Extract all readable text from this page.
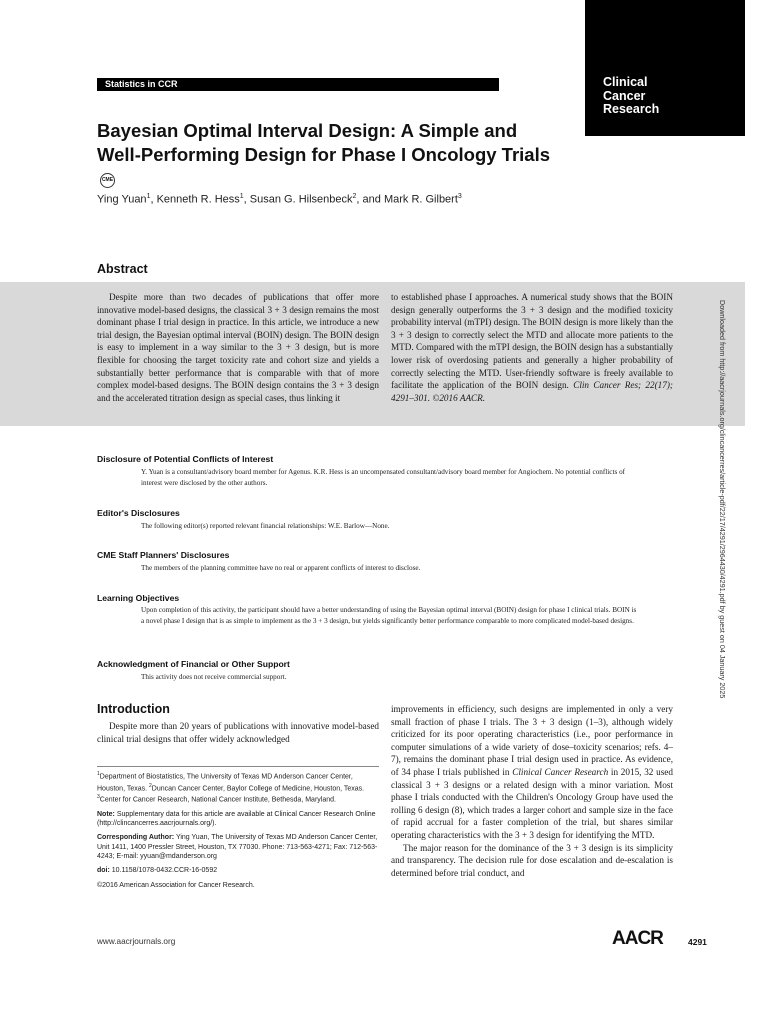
Statistics in CCR	Clinical
Cancer
Research
Bayesian Optimal Interval Design: A Simple and Well-Performing Design for Phase I Oncology TrialsCME
Ying Yuan$^1$, Kenneth R. Hess$^1$, Susan G. Hilsenbeck$^2$, and Mark R. Gilbert$^3$
Abstract
Despite more than two decades of publications that offer more innovative model-based designs, the classical 3 + 3 design remains the most dominant phase I trial design in practice. In this article, we introduce a new trial design, the Bayesian optimal interval (BOIN) design. The BOIN design is easy to implement in a way similar to the 3 + 3 design, but is more flexible for choosing the target toxicity rate and cohort size and yields a substantially better performance that is comparable with that of more complex model-based designs. The BOIN design contains the 3 + 3 design and the accelerated titration design as special cases, thus linking it
to established phase I approaches. A numerical study shows that the BOIN design generally outperforms the 3 + 3 design and the modified toxicity probability interval (mTPI) design. The BOIN design is more likely than the 3 + 3 design to correctly select the MTD and allocate more patients to the MTD. Compared with the mTPI design, the BOIN design has a substantially lower risk of overdosing patients and generally a higher probability of correctly selecting the MTD. User-friendly software is freely available to facilitate the application of the BOIN design. Clin Cancer Res; 22(17); 4291–301. ©2016 AACR.	Downloaded from http://aacrjournals.org/clincancerres/article-pdf/22/17/4291/2964430/4291.pdf by guest on 04 January 2025
Disclosure of Potential Conflicts of Interest
Y. Yuan is a consultant/advisory board member for Agenus. K.R. Hess is an uncompensated consultant/advisory board member for Angiochem. No potential conflicts of interest were disclosed by the other authors.
Editor's Disclosures
The following editor(s) reported relevant financial relationships: W.E. Barlow—None.
CME Staff Planners' Disclosures
The members of the planning committee have no real or apparent conflicts of interest to disclose.
Learning Objectives
Upon completion of this activity, the participant should have a better understanding of using the Bayesian optimal interval (BOIN) design for phase I clinical trials. BOIN is a novel phase I design that is as simple to implement as the 3 + 3 design, but yields significantly better performance comparable to more complicated model-based designs.
Acknowledgment of Financial or Other Support
This activity does not receive commercial support.
Introduction
Despite more than 20 years of publications with innovative model-based clinical trial designs that offer widely acknowledged

improvements in efficiency, such designs are implemented in only a very small fraction of phase I trials. The 3 + 3 design (1–3), although widely criticized for its poor operating characteristics (i.e., poor performance in computer simulations of a wide variety of dose–toxicity scenarios; refs. 4–7), remains the dominant phase I trial design used in practice. As evidence, of 34 phase I trials published in Clinical Cancer Research in 2015, 32 used classical 3 + 3 designs or a related design with a minor variation. Most phase I trials conducted with the Children's Oncology Group have used the rolling 6 design (8), which trades a larger cohort and sample size in the face of rapid accrual for a faster completion of the trial, but shares similar operating characteristics with the 3 + 3 design for identifying the MTD.

The major reason for the dominance of the 3 + 3 design is its simplicity and transparency. The decision rule for dose escalation and de-escalation is determined before trial conduct, and

$^1$Department of Biostatistics, The University of Texas MD Anderson Cancer Center, Houston, Texas. $^2$Duncan Cancer Center, Baylor College of Medicine, Houston, Texas. $^3$Center for Cancer Research, National Cancer Institute, Bethesda, Maryland.

Note: Supplementary data for this article are available at Clinical Cancer Research Online (http://clincancerres.aacrjournals.org/).

Corresponding Author: Ying Yuan, The University of Texas MD Anderson Cancer Center, Unit 1411, 1400 Pressler Street, Houston, TX 77030. Phone: 713-563-4271; Fax: 712-563-4243; E-mail: yyuan@mdanderson.org

doi: 10.1158/1078-0432.CCR-16-0592

©2016 American Association for Cancer Research.

www.aacrjournals.org	AACR	4291
